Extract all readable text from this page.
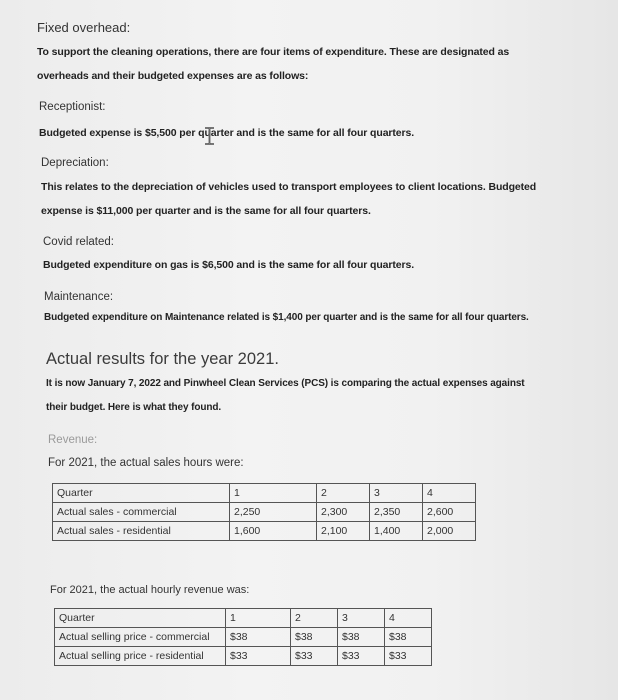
Fixed overhead:
To support the cleaning operations, there are four items of expenditure. These are designated as
overheads and their budgeted expenses are as follows:
Receptionist:
Budgeted expense is $5,500 per quarter and is the same for all four quarters.
Depreciation:
This relates to the depreciation of vehicles used to transport employees to client locations. Budgeted
expense is $11,000 per quarter and is the same for all four quarters.
Covid related:
Budgeted expenditure on gas is $6,500 and is the same for all four quarters.
Maintenance:
Budgeted expenditure on Maintenance related is $1,400 per quarter and is the same for all four quarters.
Actual results for the year 2021.
It is now January 7, 2022 and Pinwheel Clean Services (PCS) is comparing the actual expenses against
their budget. Here is what they found.
Revenue:
For 2021, the actual sales hours were:
Quarter	1	2	3	4
Actual sales - commercial	2,250	2,300	2,350	2,600
Actual sales - residential	1,600	2,100	1,400	2,000
For 2021, the actual hourly revenue was:
Quarter	1	2	3	4
Actual selling price - commercial	$38	$38	$38	$38
Actual selling price - residential	$33	$33	$33	$33
